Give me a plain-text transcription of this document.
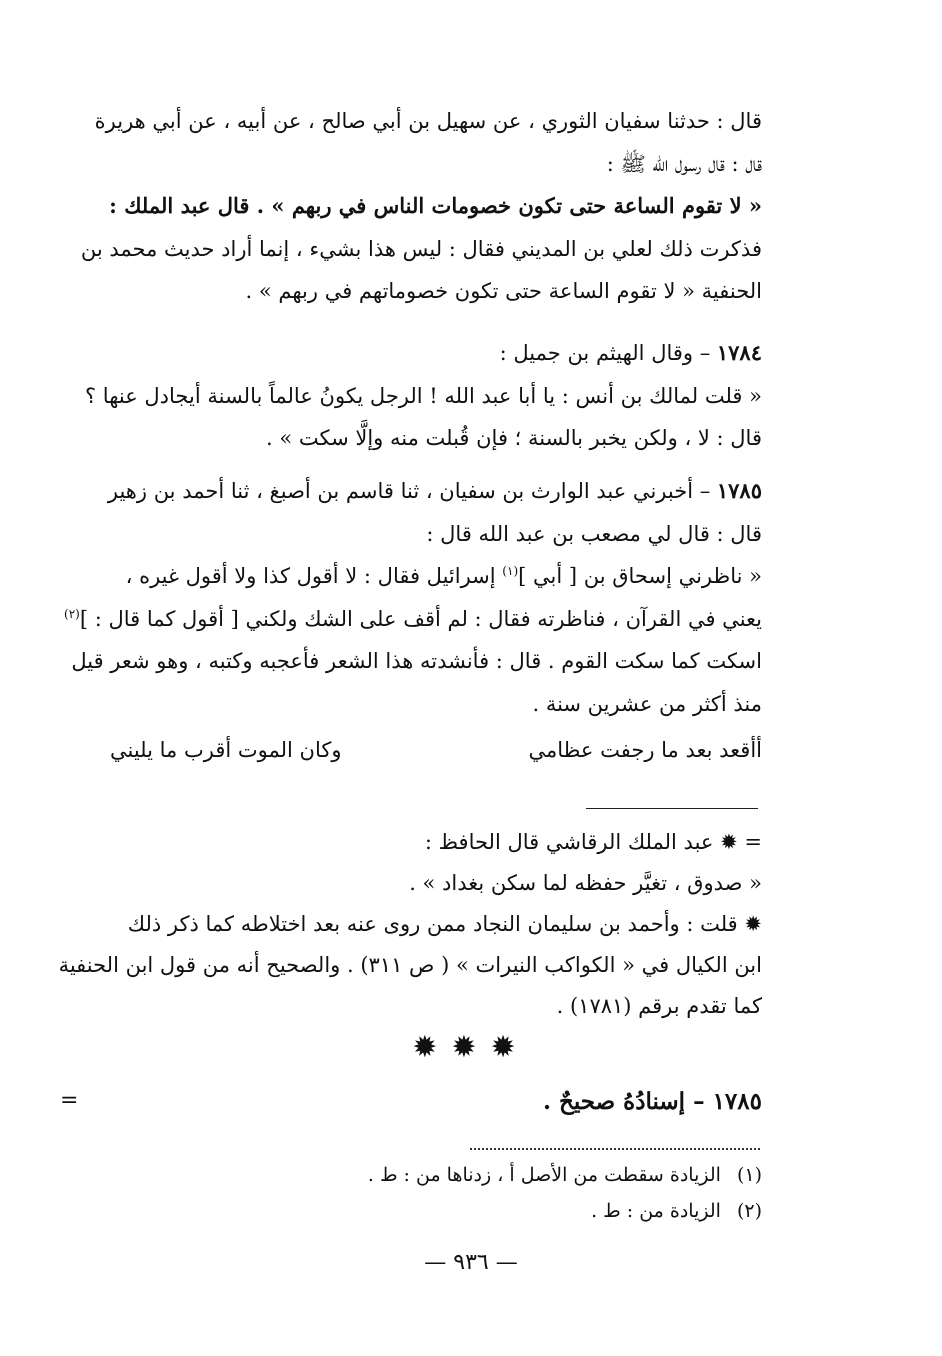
قال : حدثنا سفيان الثوري ، عن سهيل بن أبي صالح ، عن أبيه ، عن أبي هريرة
قال : قال رسول الله ﷺ :
« لا تقوم الساعة حتى تكون خصومات الناس في ربهم » . قال عبد الملك :
فذكرت ذلك لعلي بن المديني فقال : ليس هذا بشيء ، إنما أراد حديث محمد بن
الحنفية « لا تقوم الساعة حتى تكون خصوماتهم في ربهم » .
١٧٨٤ – وقال الهيثم بن جميل :
« قلت لمالك بن أنس : يا أبا عبد الله ! الرجل يكونُ عالماً بالسنة أيجادل عنها ؟
قال : لا ، ولكن يخبر بالسنة ؛ فإن قُبلت منه وإلَّا سكت » .
١٧٨٥ – أخبرني عبد الوارث بن سفيان ، ثنا قاسم بن أصبغ ، ثنا أحمد بن زهير
قال : قال لي مصعب بن عبد الله قال :
« ناظرني إسحاق بن [ أبي ]$^{(١)}$ إسرائيل فقال : لا أقول كذا ولا أقول غيره ،
يعني في القرآن ، فناظرته فقال : لم أقف على الشك ولكني [ أقول كما قال : ]$^{(٢)}$
اسكت كما سكت القوم . قال : فأنشدته هذا الشعر فأعجبه وكتبه ، وهو شعر قيل
منذ أكثر من عشرين سنة .
أأقعد بعد ما رجفت عظامي
وكان الموت أقرب ما يليني
= ✹ عبد الملك الرقاشي قال الحافظ :
« صدوق ، تغيَّر حفظه لما سكن بغداد » .
✹ قلت : وأحمد بن سليمان النجاد ممن روى عنه بعد اختلاطه كما ذكر ذلك
ابن الكيال في « الكواكب النيرات » ( ص ٣١١) . والصحيح أنه من قول ابن الحنفية
كما تقدم برقم (١٧٨١) .
✹✹✹
١٧٨٥ – إسنادُهُ صحيحٌ .
=
(١)
الزيادة سقطت من الأصل أ ، زدناها من : ط .
(٢)
الزيادة من : ط .
— ٩٣٦ —
